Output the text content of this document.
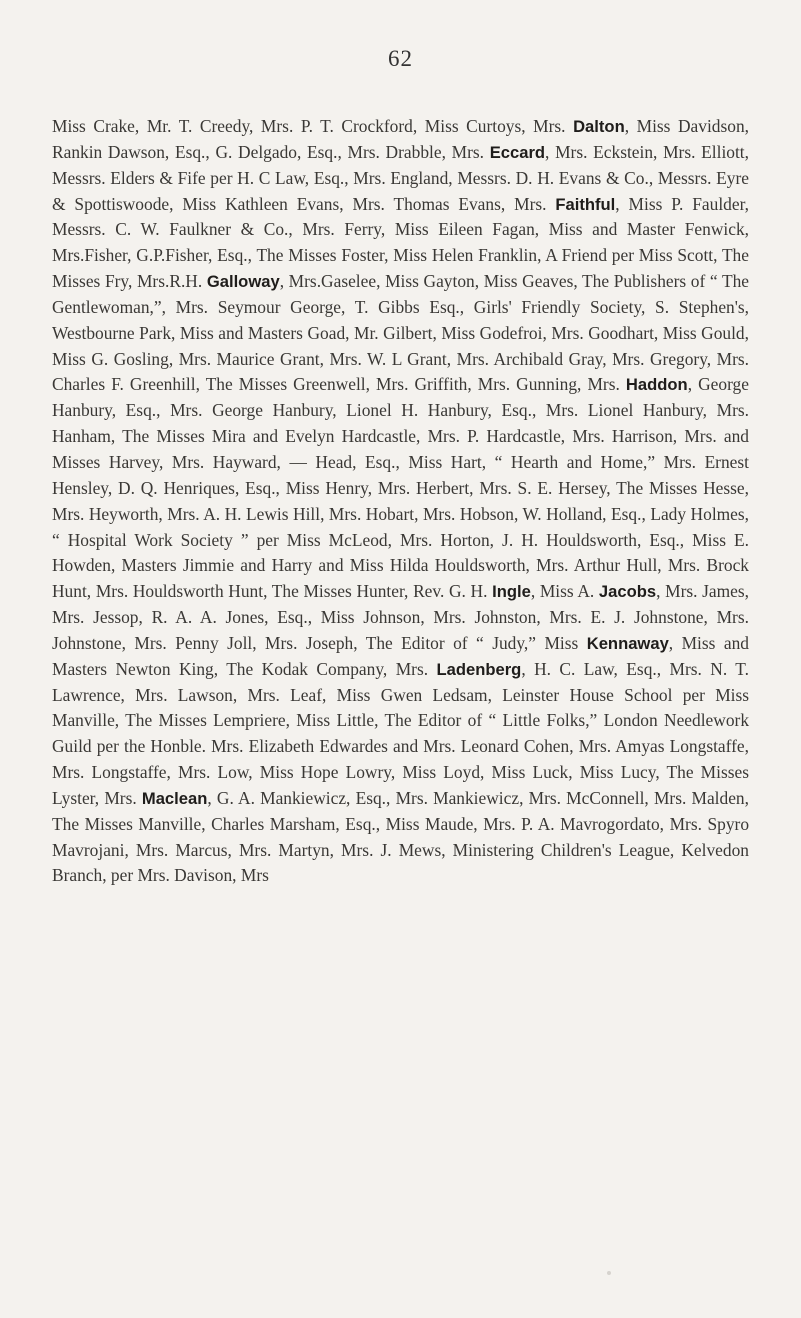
62

Miss Crake, Mr. T. Creedy, Mrs. P. T. Crockford, Miss Curtoys, Mrs. Dalton, Miss Davidson, Rankin Dawson, Esq., G. Delgado, Esq., Mrs. Drabble, Mrs. Eccard, Mrs. Eckstein, Mrs. Elliott, Messrs. Elders & Fife per H. C Law, Esq., Mrs. England, Messrs. D. H. Evans & Co., Messrs. Eyre & Spottiswoode, Miss Kathleen Evans, Mrs. Thomas Evans, Mrs. Faithful, Miss P. Faulder, Messrs. C. W. Faulkner & Co., Mrs. Ferry, Miss Eileen Fagan, Miss and Master Fenwick, Mrs.Fisher, G.P.Fisher, Esq., The Misses Foster, Miss Helen Franklin, A Friend per Miss Scott, The Misses Fry, Mrs.R.H. Galloway, Mrs.Gaselee, Miss Gayton, Miss Geaves, The Publishers of “ The Gentlewoman,”, Mrs. Seymour George, T. Gibbs Esq., Girls' Friendly Society, S. Stephen's, Westbourne Park, Miss and Masters Goad, Mr. Gilbert, Miss Godefroi, Mrs. Goodhart, Miss Gould, Miss G. Gosling, Mrs. Maurice Grant, Mrs. W. L Grant, Mrs. Archibald Gray, Mrs. Gregory, Mrs. Charles F. Greenhill, The Misses Greenwell, Mrs. Griffith, Mrs. Gunning, Mrs. Haddon, George Hanbury, Esq., Mrs. George Hanbury, Lionel H. Hanbury, Esq., Mrs. Lionel Hanbury, Mrs. Hanham, The Misses Mira and Evelyn Hardcastle, Mrs. P. Hardcastle, Mrs. Harrison, Mrs. and Misses Harvey, Mrs. Hayward, — Head, Esq., Miss Hart, “ Hearth and Home,” Mrs. Ernest Hensley, D. Q. Henriques, Esq., Miss Henry, Mrs. Herbert, Mrs. S. E. Hersey, The Misses Hesse, Mrs. Heyworth, Mrs. A. H. Lewis Hill, Mrs. Hobart, Mrs. Hobson, W. Holland, Esq., Lady Holmes, “ Hospital Work Society ” per Miss McLeod, Mrs. Horton, J. H. Houldsworth, Esq., Miss E. Howden, Masters Jimmie and Harry and Miss Hilda Houldsworth, Mrs. Arthur Hull, Mrs. Brock Hunt, Mrs. Houldsworth Hunt, The Misses Hunter, Rev. G. H. Ingle, Miss A. Jacobs, Mrs. James, Mrs. Jessop, R. A. A. Jones, Esq., Miss Johnson, Mrs. Johnston, Mrs. E. J. Johnstone, Mrs. Johnstone, Mrs. Penny Joll, Mrs. Joseph, The Editor of “ Judy,” Miss Kennaway, Miss and Masters Newton King, The Kodak Company, Mrs. Ladenberg, H. C. Law, Esq., Mrs. N. T. Lawrence, Mrs. Lawson, Mrs. Leaf, Miss Gwen Ledsam, Leinster House School per Miss Manville, The Misses Lempriere, Miss Little, The Editor of “ Little Folks,” London Needlework Guild per the Honble. Mrs. Elizabeth Edwardes and Mrs. Leonard Cohen, Mrs. Amyas Longstaffe, Mrs. Longstaffe, Mrs. Low, Miss Hope Lowry, Miss Loyd, Miss Luck, Miss Lucy, The Misses Lyster, Mrs. Maclean, G. A. Mankiewicz, Esq., Mrs. Mankiewicz, Mrs. McConnell, Mrs. Malden, The Misses Manville, Charles Marsham, Esq., Miss Maude, Mrs. P. A. Mavrogordato, Mrs. Spyro Mavrojani, Mrs. Marcus, Mrs. Martyn, Mrs. J. Mews, Ministering Children's League, Kelvedon Branch, per Mrs. Davison, Mrs
